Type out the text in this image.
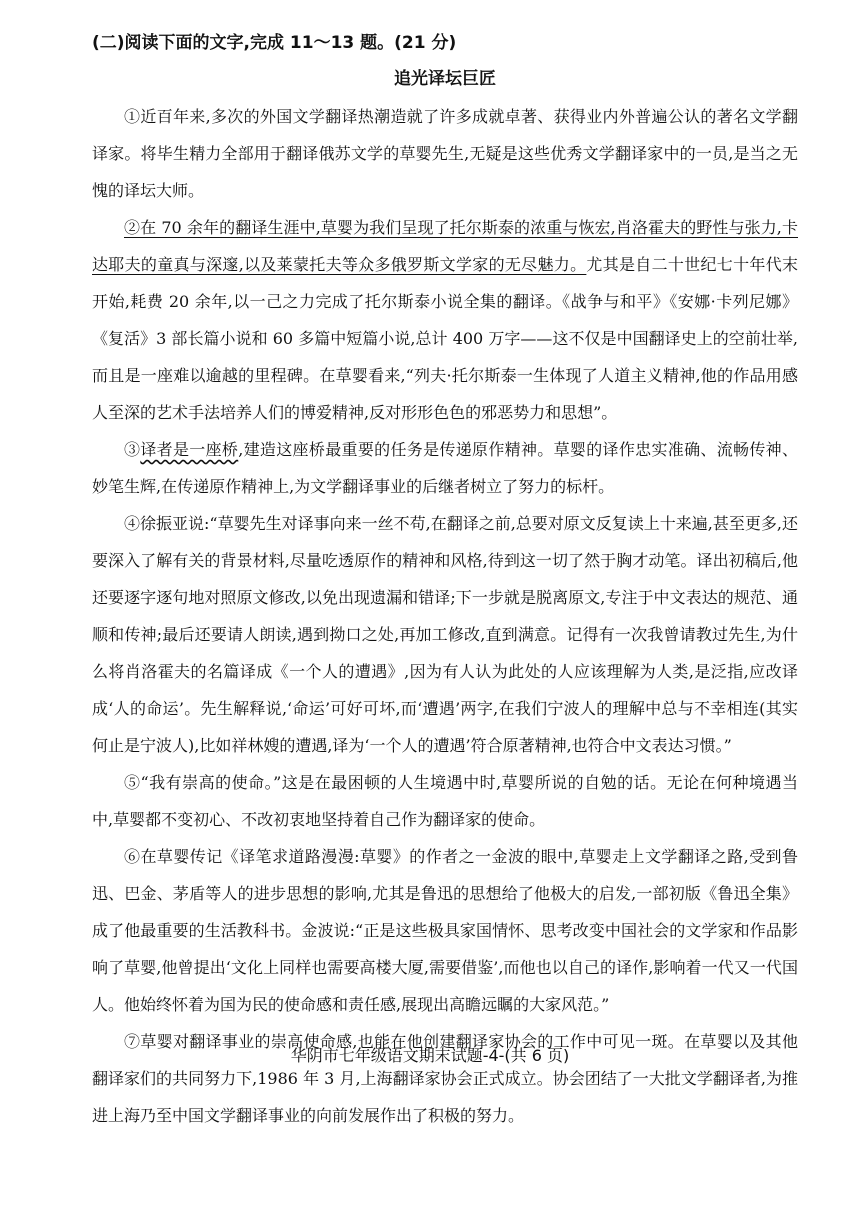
(二)阅读下面的文字,完成 11～13 题。(21 分)
追光译坛巨匠

①近百年来,多次的外国文学翻译热潮造就了许多成就卓著、获得业内外普遍公认的著名文学翻译家。将毕生精力全部用于翻译俄苏文学的草婴先生,无疑是这些优秀文学翻译家中的一员,是当之无愧的译坛大师。

②在 70 余年的翻译生涯中,草婴为我们呈现了托尔斯泰的浓重与恢宏,肖洛霍夫的野性与张力,卡达耶夫的童真与深邃,以及莱蒙托夫等众多俄罗斯文学家的无尽魅力。尤其是自二十世纪七十年代末开始,耗费 20 余年,以一己之力完成了托尔斯泰小说全集的翻译。《战争与和平》《安娜·卡列尼娜》《复活》3 部长篇小说和 60 多篇中短篇小说,总计 400 万字——这不仅是中国翻译史上的空前壮举,而且是一座难以逾越的里程碑。在草婴看来,“列夫·托尔斯泰一生体现了人道主义精神,他的作品用感人至深的艺术手法培养人们的博爱精神,反对形形色色的邪恶势力和思想”。

③译者是一座桥,建造这座桥最重要的任务是传递原作精神。草婴的译作忠实准确、流畅传神、妙笔生辉,在传递原作精神上,为文学翻译事业的后继者树立了努力的标杆。

④徐振亚说:“草婴先生对译事向来一丝不苟,在翻译之前,总要对原文反复读上十来遍,甚至更多,还要深入了解有关的背景材料,尽量吃透原作的精神和风格,待到这一切了然于胸才动笔。译出初稿后,他还要逐字逐句地对照原文修改,以免出现遗漏和错译;下一步就是脱离原文,专注于中文表达的规范、通顺和传神;最后还要请人朗读,遇到拗口之处,再加工修改,直到满意。记得有一次我曾请教过先生,为什么将肖洛霍夫的名篇译成《一个人的遭遇》,因为有人认为此处的人应该理解为人类,是泛指,应改译成‘人的命运’。先生解释说,‘命运’可好可坏,而‘遭遇’两字,在我们宁波人的理解中总与不幸相连(其实何止是宁波人),比如祥林嫂的遭遇,译为‘一个人的遭遇’符合原著精神,也符合中文表达习惯。”

⑤“我有崇高的使命。”这是在最困顿的人生境遇中时,草婴所说的自勉的话。无论在何种境遇当中,草婴都不变初心、不改初衷地坚持着自己作为翻译家的使命。

⑥在草婴传记《译笔求道路漫漫:草婴》的作者之一金波的眼中,草婴走上文学翻译之路,受到鲁迅、巴金、茅盾等人的进步思想的影响,尤其是鲁迅的思想给了他极大的启发,一部初版《鲁迅全集》成了他最重要的生活教科书。金波说:“正是这些极具家国情怀、思考改变中国社会的文学家和作品影响了草婴,他曾提出‘文化上同样也需要高楼大厦,需要借鉴’,而他也以自己的译作,影响着一代又一代国人。他始终怀着为国为民的使命感和责任感,展现出高瞻远瞩的大家风范。”

⑦草婴对翻译事业的崇高使命感,也能在他创建翻译家协会的工作中可见一斑。在草婴以及其他翻译家们的共同努力下,1986 年 3 月,上海翻译家协会正式成立。协会团结了一大批文学翻译者,为推进上海乃至中国文学翻译事业的向前发展作出了积极的努力。

华阴市七年级语文期末试题-4-(共 6 页)
